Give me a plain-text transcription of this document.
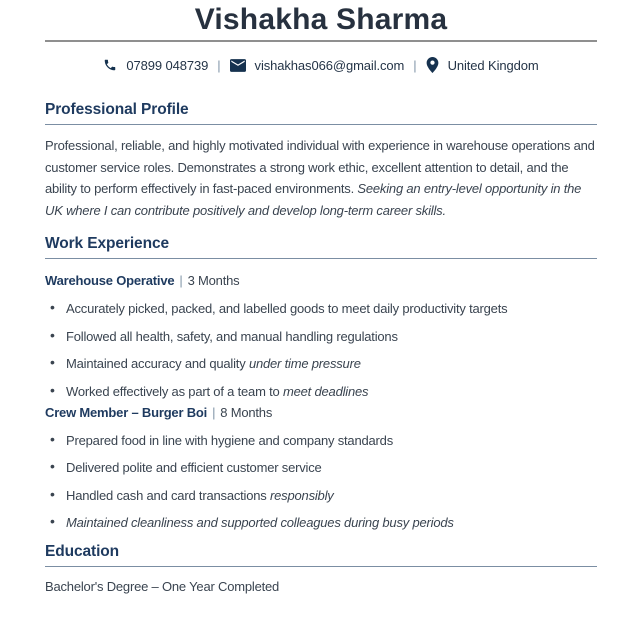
Vishakha Sharma
07899 048739 |	vishakhas066@gmail.com | United Kingdom
Professional Profile

Professional, reliable, and highly motivated individual with experience in warehouse operations and customer service roles. Demonstrates a strong work ethic, excellent attention to detail, and the ability to perform effectively in fast-paced environments. Seeking an entry-level opportunity in the UK where I can contribute positively and develop long-term career skills.

Work Experience

Warehouse Operative | 3 Months

• Accurately picked, packed, and labelled goods to meet daily productivity targets
• Followed all health, safety, and manual handling regulations
• Maintained accuracy and quality under time pressure
• Worked effectively as part of a team to meet deadlines

Crew Member – Burger Boi | 8 Months

• Prepared food in line with hygiene and company standards
• Delivered polite and efficient customer service
• Handled cash and card transactions responsibly
• Maintained cleanliness and supported colleagues during busy periods
Education

Bachelor's Degree – One Year Completed
